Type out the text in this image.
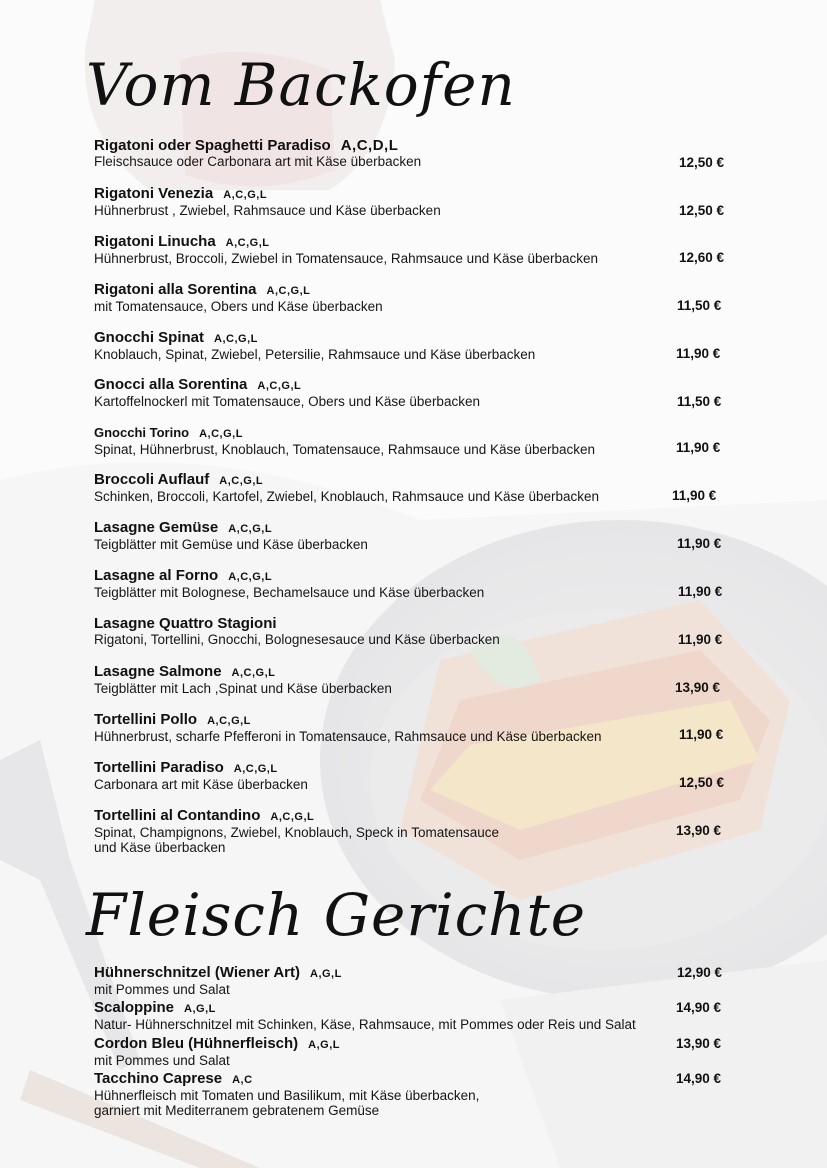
Vom Backofen
Rigatoni oder Spaghetti Paradiso A,C,D,L
Fleischsauce oder Carbonara art mit Käse überbacken	12,50 €
Rigatoni Venezia A,C,G,L
Hühnerbrust , Zwiebel, Rahmsauce und Käse überbacken	12,50 €
Rigatoni Linucha A,C,G,L
Hühnerbrust, Broccoli, Zwiebel in Tomatensauce, Rahmsauce und Käse überbacken	12,60 €
Rigatoni alla Sorentina A,C,G,L
mit Tomatensauce, Obers und Käse überbacken	11,50 €
Gnocchi Spinat A,C,G,L
Knoblauch, Spinat, Zwiebel, Petersilie, Rahmsauce und Käse überbacken	11,90 €
Gnocci alla Sorentina A,C,G,L
Kartoffelnockerl mit Tomatensauce, Obers und Käse überbacken	11,50 €
Gnocchi Torino A,C,G,L
Spinat, Hühnerbrust, Knoblauch, Tomatensauce, Rahmsauce und Käse überbacken	11,90 €
Broccoli Auflauf A,C,G,L
Schinken, Broccoli, Kartofel, Zwiebel, Knoblauch, Rahmsauce und Käse überbacken	11,90 €
Lasagne Gemüse A,C,G,L
Teigblätter mit Gemüse und Käse überbacken	11,90 €
Lasagne al Forno A,C,G,L
Teigblätter mit Bolognese, Bechamelsauce und Käse überbacken	11,90 €
Lasagne Quattro Stagioni
Rigatoni, Tortellini, Gnocchi, Bolognesesauce und Käse überbacken	11,90 €
Lasagne Salmone A,C,G,L
Teigblätter mit Lach ,Spinat und Käse überbacken	13,90 €
Tortellini Pollo A,C,G,L
Hühnerbrust, scharfe Pfefferoni in Tomatensauce, Rahmsauce und Käse überbacken	11,90 €
Tortellini Paradiso A,C,G,L
Carbonara art mit Käse überbacken	12,50 €
Tortellini al Contandino A,C,G,L
Spinat, Champignons, Zwiebel, Knoblauch, Speck in Tomatensauce
und Käse überbacken
13,90 €
Fleisch Gerichte
Hühnerschnitzel (Wiener Art) A,G,L
mit Pommes und Salat
12,90 €
Scaloppine A,G,L
Natur- Hühnerschnitzel mit Schinken, Käse, Rahmsauce, mit Pommes oder Reis und Salat
14,90 €
Cordon Bleu (Hühnerfleisch) A,G,L
mit Pommes und Salat
13,90 €
Tacchino Caprese A,C
Hühnerfleisch mit Tomaten und Basilikum, mit Käse überbacken,
garniert mit Mediterranem gebratenem Gemüse
14,90 €
